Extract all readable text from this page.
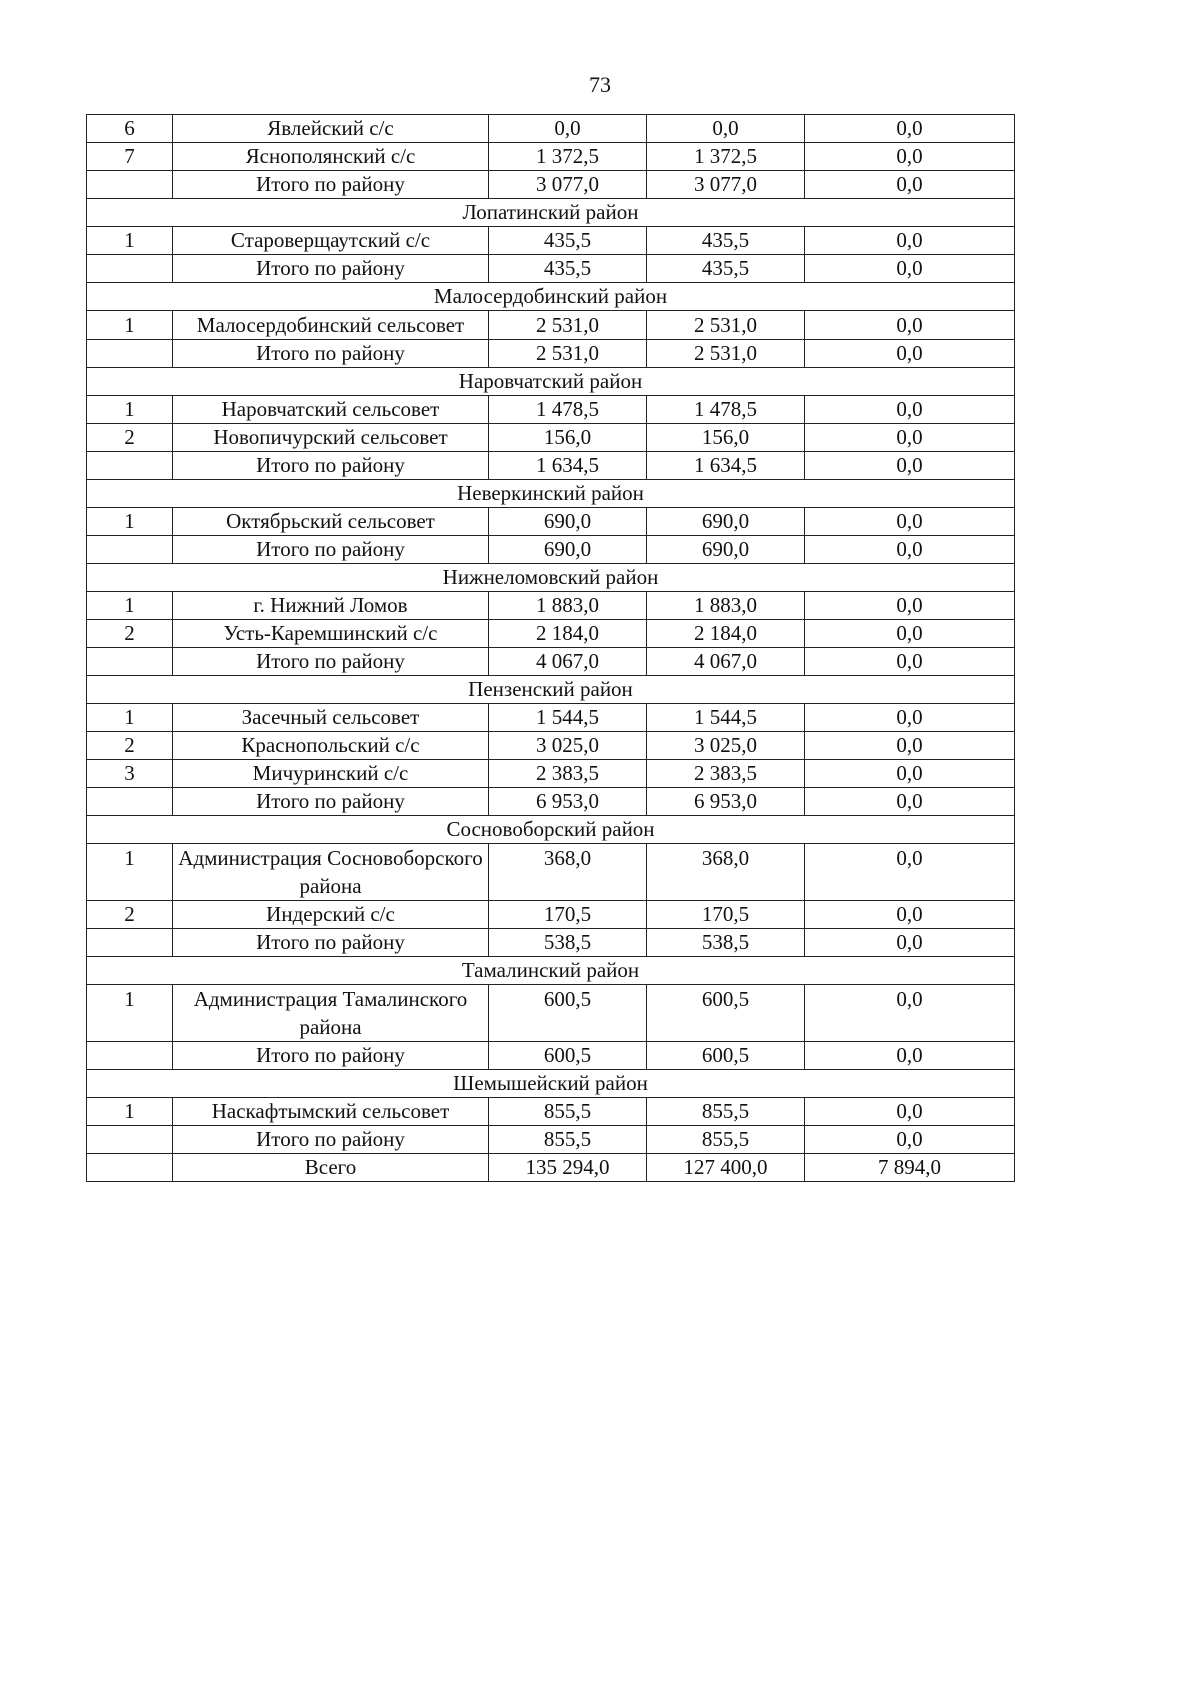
73
6	Явлейский с/с	0,0	0,0	0,0
7	Яснополянский с/с	1 372,5	1 372,5	0,0
	Итого по району	3 077,0	3 077,0	0,0
Лопатинский район				
1	Староверщаутский с/с	435,5	435,5	0,0
	Итого по району	435,5	435,5	0,0
Малосердобинский район				
1	Малосердобинский сельсовет	2 531,0	2 531,0	0,0
	Итого по району	2 531,0	2 531,0	0,0
Наровчатский район				
1	Наровчатский сельсовет	1 478,5	1 478,5	0,0
2	Новопичурский сельсовет	156,0	156,0	0,0
	Итого по району	1 634,5	1 634,5	0,0
Неверкинский район				
1	Октябрьский сельсовет	690,0	690,0	0,0
	Итого по району	690,0	690,0	0,0
Нижнеломовский район				
1	г. Нижний Ломов	1 883,0	1 883,0	0,0
2	Усть-Каремшинский с/с	2 184,0	2 184,0	0,0
	Итого по району	4 067,0	4 067,0	0,0
Пензенский район				
1	Засечный сельсовет	1 544,5	1 544,5	0,0
2	Краснопольский с/с	3 025,0	3 025,0	0,0
3	Мичуринский с/с	2 383,5	2 383,5	0,0
	Итого по району	6 953,0	6 953,0	0,0
Сосновоборский район				
1	Администрация Сосновоборского района	368,0	368,0	0,0
2	Индерский с/с	170,5	170,5	0,0
	Итого по району	538,5	538,5	0,0
Тамалинский район				
1	Администрация Тамалинского района	600,5	600,5	0,0
	Итого по району	600,5	600,5	0,0
Шемышейский район				
1	Наскафтымский сельсовет	855,5	855,5	0,0
	Итого по району	855,5	855,5	0,0
	Всего	135 294,0	127 400,0	7 894,0
